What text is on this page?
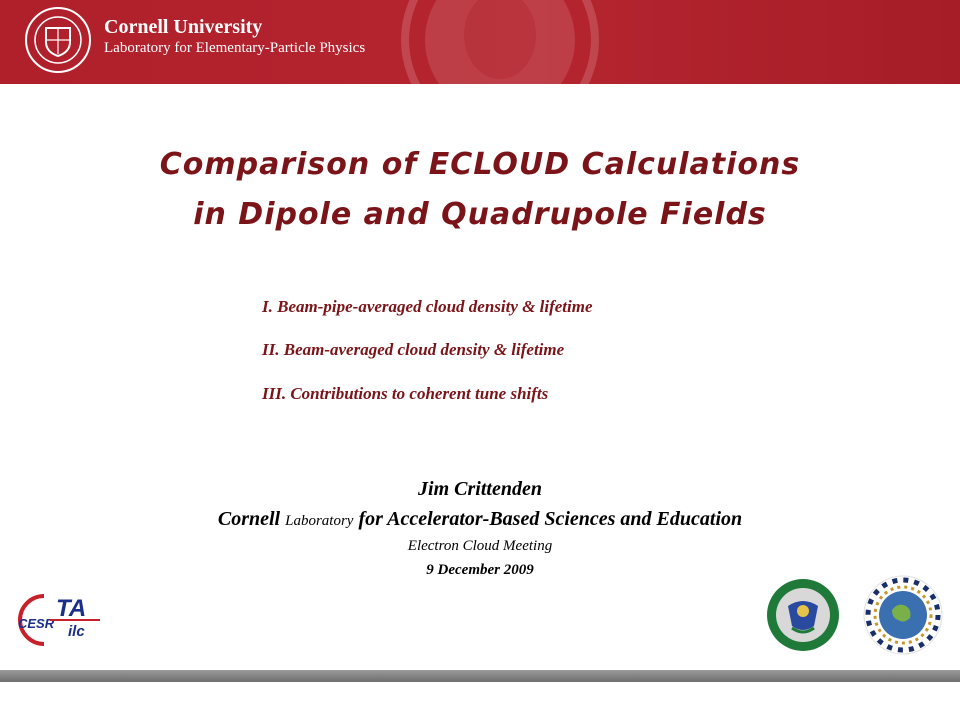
Cornell University
Laboratory for Elementary-Particle Physics
Comparison of ECLOUD Calculations
in Dipole and Quadrupole Fields
I. Beam-pipe-averaged cloud density & lifetime
II. Beam-averaged cloud density & lifetime
III. Contributions to coherent tune shifts
Jim Crittenden
Cornell Laboratory for Accelerator-Based Sciences and Education
Electron Cloud Meeting
9 December 2009
CESR
TA
ilc
